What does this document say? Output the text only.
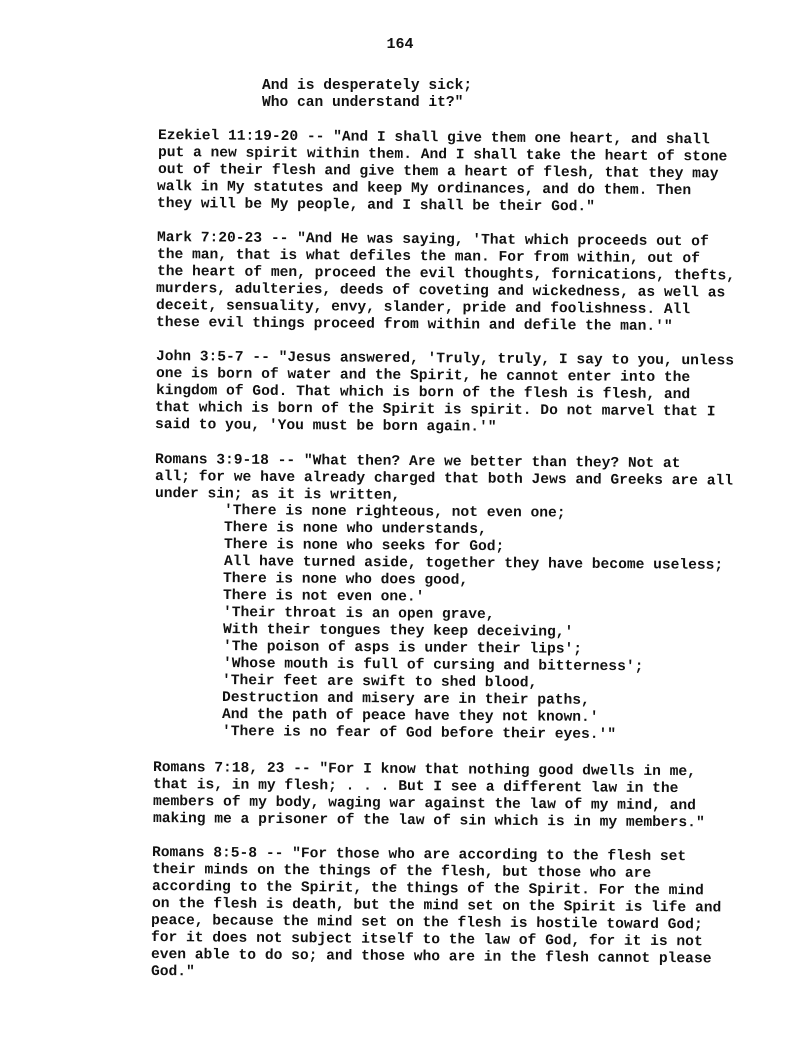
164
And is desperately sick;
Who can understand it?"
Ezekiel 11:19-20 -- "And I shall give them one heart, and shall
put a new spirit within them. And I shall take the heart of stone
out of their flesh and give them a heart of flesh, that they may
walk in My statutes and keep My ordinances, and do them. Then
they will be My people, and I shall be their God."
Mark 7:20-23 -- "And He was saying, 'That which proceeds out of
the man, that is what defiles the man. For from within, out of
the heart of men, proceed the evil thoughts, fornications, thefts,
murders, adulteries, deeds of coveting and wickedness, as well as
deceit, sensuality, envy, slander, pride and foolishness. All
these evil things proceed from within and defile the man.'"
John 3:5-7 -- "Jesus answered, 'Truly, truly, I say to you, unless
one is born of water and the Spirit, he cannot enter into the
kingdom of God. That which is born of the flesh is flesh, and
that which is born of the Spirit is spirit. Do not marvel that I
said to you, 'You must be born again.'"
Romans 3:9-18 -- "What then? Are we better than they? Not at
all; for we have already charged that both Jews and Greeks are all
under sin; as it is written,
'There is none righteous, not even one;
There is none who understands,
There is none who seeks for God;
All have turned aside, together they have become useless;
There is none who does good,
There is not even one.'
'Their throat is an open grave,
With their tongues they keep deceiving,'
'The poison of asps is under their lips';
'Whose mouth is full of cursing and bitterness';
'Their feet are swift to shed blood,
Destruction and misery are in their paths,
And the path of peace have they not known.'
'There is no fear of God before their eyes.'"
Romans 7:18, 23 -- "For I know that nothing good dwells in me,
that is, in my flesh; . . . But I see a different law in the
members of my body, waging war against the law of my mind, and
making me a prisoner of the law of sin which is in my members."
Romans 8:5-8 -- "For those who are according to the flesh set
their minds on the things of the flesh, but those who are
according to the Spirit, the things of the Spirit. For the mind
on the flesh is death, but the mind set on the Spirit is life and
peace, because the mind set on the flesh is hostile toward God;
for it does not subject itself to the law of God, for it is not
even able to do so; and those who are in the flesh cannot please
God."
